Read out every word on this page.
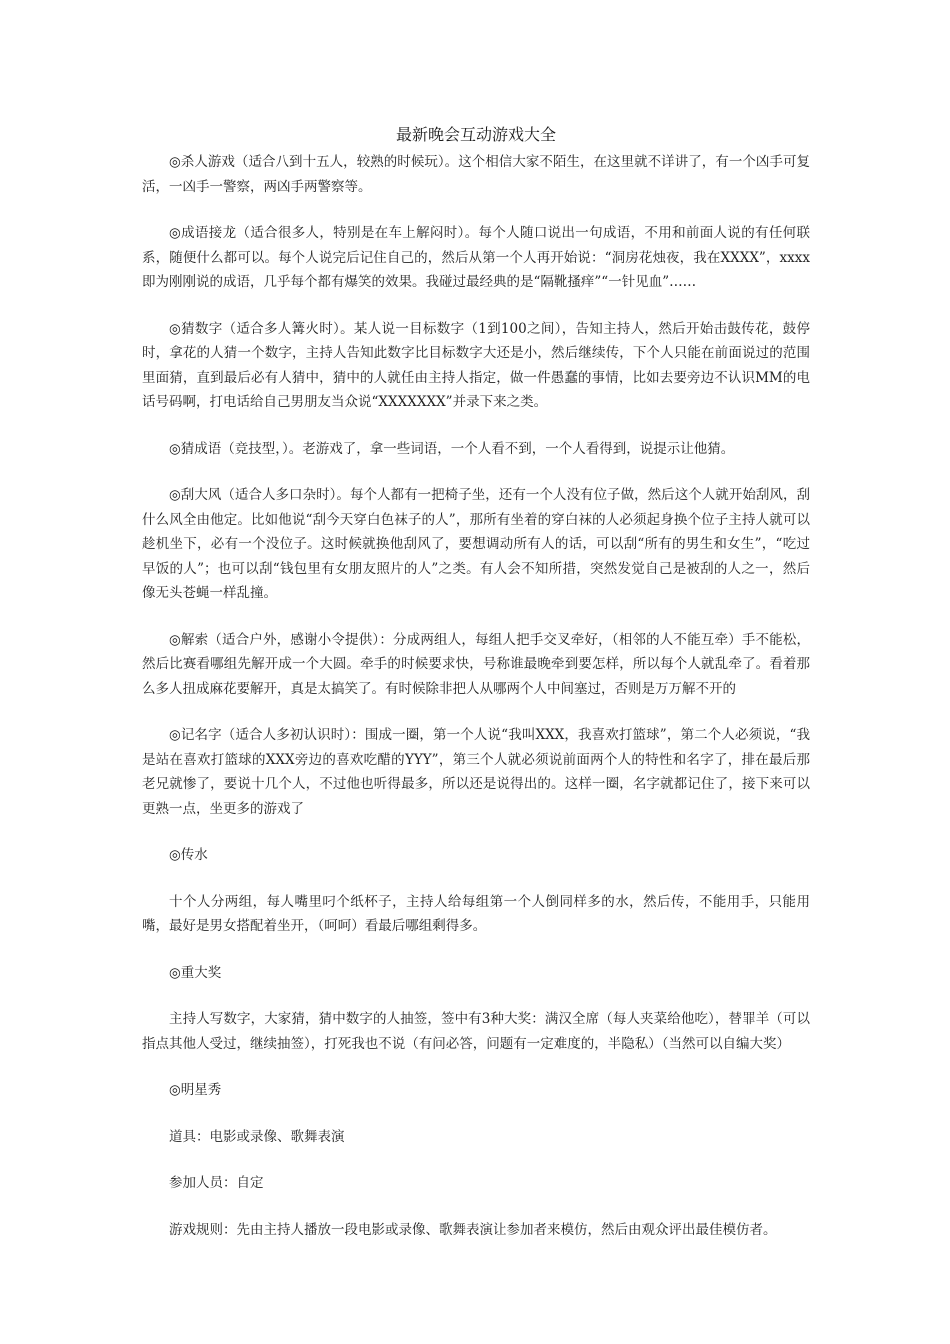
最新晚会互动游戏大全

◎杀人游戏（适合八到十五人，较熟的时候玩）。这个相信大家不陌生，在这里就不详讲了，有一个凶手可复活，一凶手一警察，两凶手两警察等。

◎成语接龙（适合很多人，特别是在车上解闷时）。每个人随口说出一句成语，不用和前面人说的有任何联系，随便什么都可以。每个人说完后记住自己的，然后从第一个人再开始说：“洞房花烛夜，我在XXXX”，xxxx即为刚刚说的成语，几乎每个都有爆笑的效果。我碰过最经典的是“隔靴搔痒”“一针见血”……

◎猜数字（适合多人篝火时）。某人说一目标数字（1到100之间），告知主持人，然后开始击鼓传花，鼓停时，拿花的人猜一个数字，主持人告知此数字比目标数字大还是小，然后继续传，下个人只能在前面说过的范围里面猜，直到最后必有人猜中，猜中的人就任由主持人指定，做一件愚蠢的事情，比如去要旁边不认识MM的电话号码啊，打电话给自己男朋友当众说“XXXXXXX”并录下来之类。

◎猜成语（竞技型，）。老游戏了，拿一些词语，一个人看不到，一个人看得到，说提示让他猜。

◎刮大风（适合人多口杂时）。每个人都有一把椅子坐，还有一个人没有位子做，然后这个人就开始刮风，刮什么风全由他定。比如他说“刮今天穿白色袜子的人”，那所有坐着的穿白袜的人必须起身换个位子主持人就可以趁机坐下，必有一个没位子。这时候就换他刮风了，要想调动所有人的话，可以刮“所有的男生和女生”，“吃过早饭的人”；也可以刮“钱包里有女朋友照片的人”之类。有人会不知所措，突然发觉自己是被刮的人之一，然后像无头苍蝇一样乱撞。

◎解索（适合户外，感谢小令提供）：分成两组人，每组人把手交叉牵好，（相邻的人不能互牵）手不能松，然后比赛看哪组先解开成一个大圆。牵手的时候要求快，号称谁最晚牵到要怎样，所以每个人就乱牵了。看着那么多人扭成麻花要解开，真是太搞笑了。有时候除非把人从哪两个人中间塞过，否则是万万解不开的

◎记名字（适合人多初认识时）：围成一圈，第一个人说“我叫XXX，我喜欢打篮球”，第二个人必须说，“我是站在喜欢打篮球的XXX旁边的喜欢吃醋的YYY”，第三个人就必须说前面两个人的特性和名字了，排在最后那老兄就惨了，要说十几个人，不过他也听得最多，所以还是说得出的。这样一圈，名字就都记住了，接下来可以更熟一点，坐更多的游戏了

◎传水

十个人分两组，每人嘴里叼个纸杯子，主持人给每组第一个人倒同样多的水，然后传，不能用手，只能用嘴，最好是男女搭配着坐开，（呵呵）看最后哪组剩得多。

◎重大奖

主持人写数字，大家猜，猜中数字的人抽签，签中有3种大奖：满汉全席（每人夹菜给他吃），替罪羊（可以指点其他人受过，继续抽签），打死我也不说（有问必答，问题有一定难度的，半隐私）（当然可以自编大奖）

◎明星秀

道具：电影或录像、歌舞表演

参加人员：自定

游戏规则：先由主持人播放一段电影或录像、歌舞表演让参加者来模仿，然后由观众评出最佳模仿者。
